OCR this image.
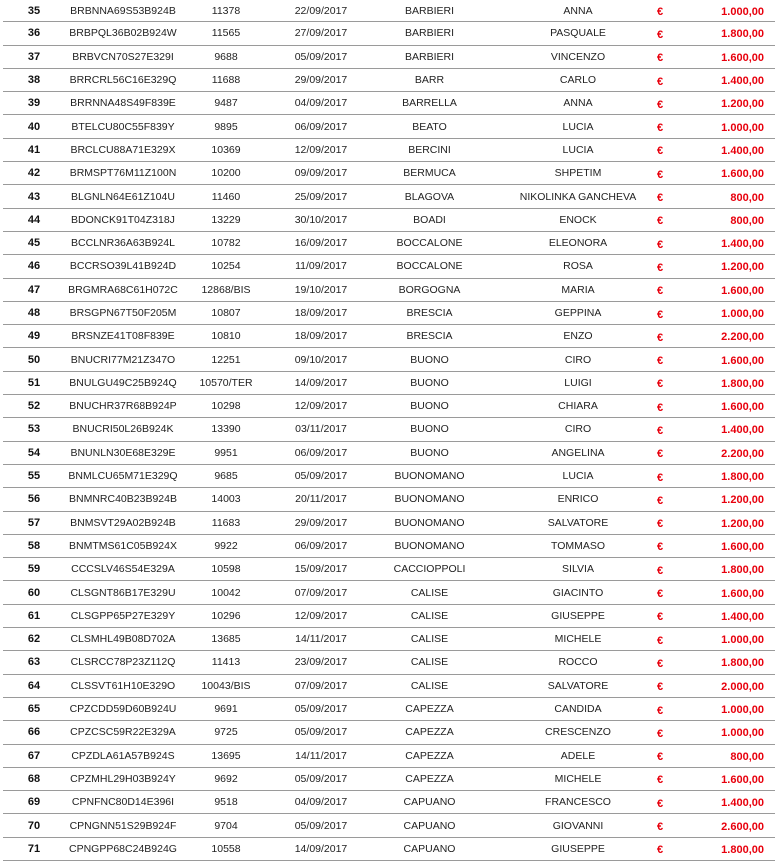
35	BRBNNA69S53B924B	11378	22/09/2017	BARBIERI	ANNA	€	1.000,00
36	BRBPQL36B02B924W	11565	27/09/2017	BARBIERI	PASQUALE	€	1.800,00
37	BRBVCN70S27E329I	9688	05/09/2017	BARBIERI	VINCENZO	€	1.600,00
38	BRRCRL56C16E329Q	11688	29/09/2017	BARR	CARLO	€	1.400,00
39	BRRNNA48S49F839E	9487	04/09/2017	BARRELLA	ANNA	€	1.200,00
40	BTELCU80C55F839Y	9895	06/09/2017	BEATO	LUCIA	€	1.000,00
41	BRCLCU88A71E329X	10369	12/09/2017	BERCINI	LUCIA	€	1.400,00
42	BRMSPT76M11Z100N	10200	09/09/2017	BERMUCA	SHPETIM	€	1.600,00
43	BLGNLN64E61Z104U	11460	25/09/2017	BLAGOVA	NIKOLINKA GANCHEVA	€	800,00
44	BDONCK91T04Z318J	13229	30/10/2017	BOADI	ENOCK	€	800,00
45	BCCLNR36A63B924L	10782	16/09/2017	BOCCALONE	ELEONORA	€	1.400,00
46	BCCRSO39L41B924D	10254	11/09/2017	BOCCALONE	ROSA	€	1.200,00
47	BRGMRA68C61H072C	12868/BIS	19/10/2017	BORGOGNA	MARIA	€	1.600,00
48	BRSGPN67T50F205M	10807	18/09/2017	BRESCIA	GEPPINA	€	1.000,00
49	BRSNZE41T08F839E	10810	18/09/2017	BRESCIA	ENZO	€	2.200,00
50	BNUCRI77M21Z347O	12251	09/10/2017	BUONO	CIRO	€	1.600,00
51	BNULGU49C25B924Q	10570/TER	14/09/2017	BUONO	LUIGI	€	1.800,00
52	BNUCHR37R68B924P	10298	12/09/2017	BUONO	CHIARA	€	1.600,00
53	BNUCRI50L26B924K	13390	03/11/2017	BUONO	CIRO	€	1.400,00
54	BNUNLN30E68E329E	9951	06/09/2017	BUONO	ANGELINA	€	2.200,00
55	BNMLCU65M71E329Q	9685	05/09/2017	BUONOMANO	LUCIA	€	1.800,00
56	BNMNRC40B23B924B	14003	20/11/2017	BUONOMANO	ENRICO	€	1.200,00
57	BNMSVT29A02B924B	11683	29/09/2017	BUONOMANO	SALVATORE	€	1.200,00
58	BNMTMS61C05B924X	9922	06/09/2017	BUONOMANO	TOMMASO	€	1.600,00
59	CCCSLV46S54E329A	10598	15/09/2017	CACCIOPPOLI	SILVIA	€	1.800,00
60	CLSGNT86B17E329U	10042	07/09/2017	CALISE	GIACINTO	€	1.600,00
61	CLSGPP65P27E329Y	10296	12/09/2017	CALISE	GIUSEPPE	€	1.400,00
62	CLSMHL49B08D702A	13685	14/11/2017	CALISE	MICHELE	€	1.000,00
63	CLSRCC78P23Z112Q	11413	23/09/2017	CALISE	ROCCO	€	1.800,00
64	CLSSVT61H10E329O	10043/BIS	07/09/2017	CALISE	SALVATORE	€	2.000,00
65	CPZCDD59D60B924U	9691	05/09/2017	CAPEZZA	CANDIDA	€	1.000,00
66	CPZCSC59R22E329A	9725	05/09/2017	CAPEZZA	CRESCENZO	€	1.000,00
67	CPZDLA61A57B924S	13695	14/11/2017	CAPEZZA	ADELE	€	800,00
68	CPZMHL29H03B924Y	9692	05/09/2017	CAPEZZA	MICHELE	€	1.600,00
69	CPNFNC80D14E396I	9518	04/09/2017	CAPUANO	FRANCESCO	€	1.400,00
70	CPNGNN51S29B924F	9704	05/09/2017	CAPUANO	GIOVANNI	€	2.600,00
71	CPNGPP68C24B924G	10558	14/09/2017	CAPUANO	GIUSEPPE	€	1.800,00
